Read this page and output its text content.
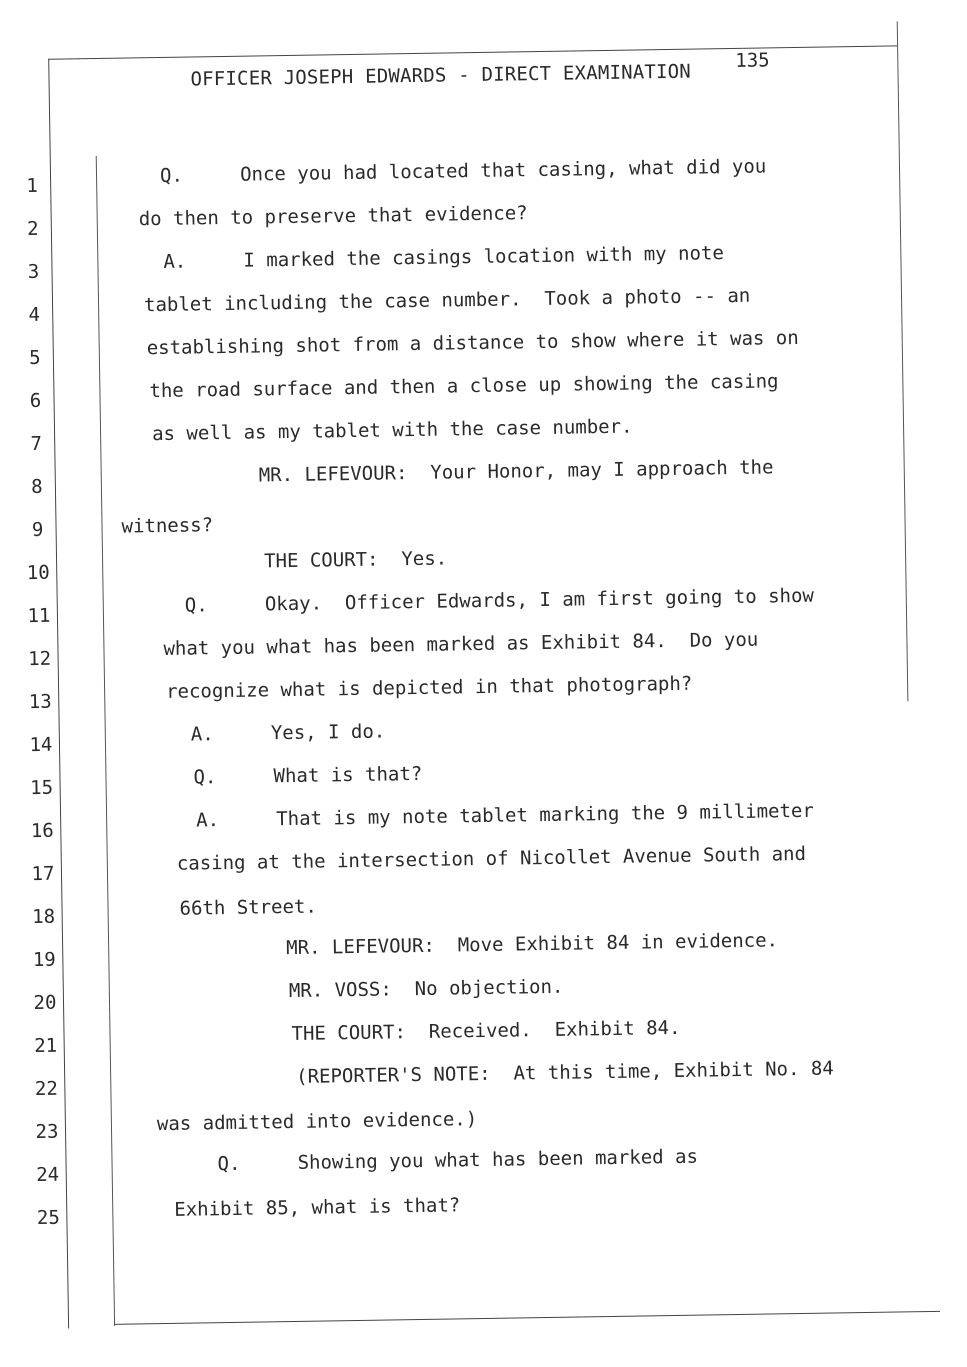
OFFICER JOSEPH EDWARDS - DIRECT EXAMINATION 135
1
2
3
4
5
6
7
8
9
10
11
12
13
14
15
16
17
18
19
20
21
22
23
24
25
Q.     Once you had located that casing, what did you
do then to preserve that evidence?
A.     I marked the casings location with my note
tablet including the case number.  Took a photo -- an
establishing shot from a distance to show where it was on
the road surface and then a close up showing the casing
as well as my tablet with the case number.
MR. LEFEVOUR:  Your Honor, may I approach the
witness?
THE COURT:  Yes.
Q.     Okay.  Officer Edwards, I am first going to show
what you what has been marked as Exhibit 84.  Do you
recognize what is depicted in that photograph?
A.     Yes, I do.
Q.     What is that?
A.     That is my note tablet marking the 9 millimeter
casing at the intersection of Nicollet Avenue South and
66th Street.
MR. LEFEVOUR:  Move Exhibit 84 in evidence.
MR. VOSS:  No objection.
THE COURT:  Received.  Exhibit 84.
(REPORTER'S NOTE:  At this time, Exhibit No. 84
was admitted into evidence.)
Q.     Showing you what has been marked as
Exhibit 85, what is that?
